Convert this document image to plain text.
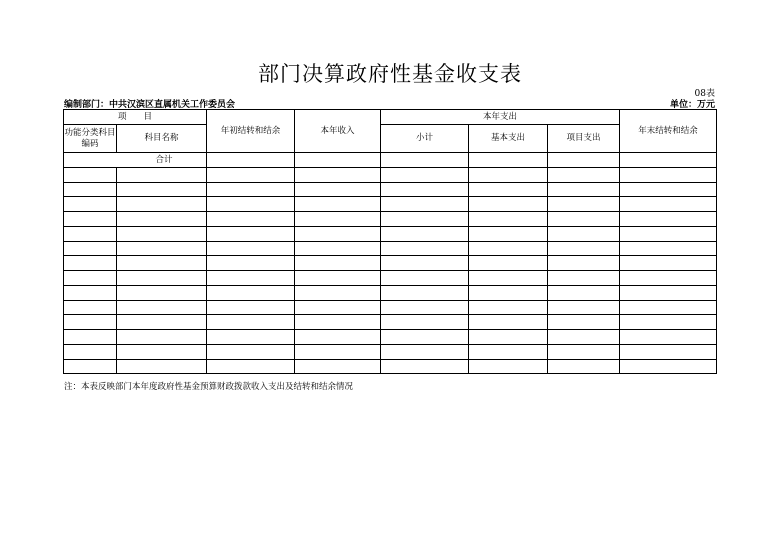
部门决算政府性基金收支表
08表
编制部门：中共汉滨区直属机关工作委员会	单位：万元
项　　目		年初结转和结余	本年收入	本年支出			年末结转和结余
功能分类科目编码	科目名称			小计	基本支出	项目支出	
合计							

注：本表反映部门本年度政府性基金预算财政拨款收入支出及结转和结余情况
